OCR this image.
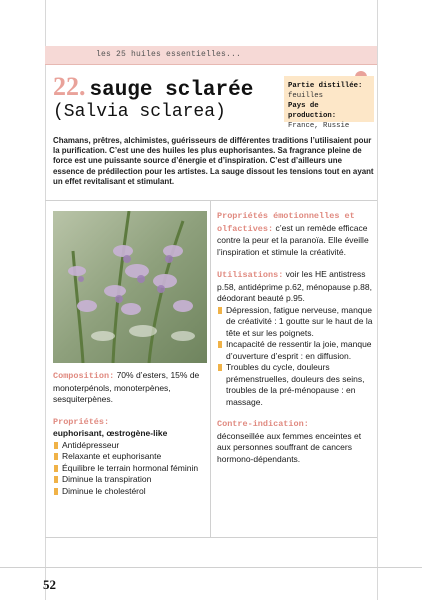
les 25 huiles essentielles...
22. sauge sclarée
(Salvia sclarea)
Partie distillée:
feuilles
Pays de production:
France, Russie
Chamans, prêtres, alchimistes, guérisseurs de différentes traditions l’utilisaient pour la purification. C’est une des huiles les plus euphorisantes. Sa fragrance pleine de force est une puissante source d’énergie et d’inspiration. C’est d’ailleurs une essence de prédilection pour les artistes. La sauge dissout les tensions tout en ayant un effet revitalisant et stimulant.
Composition: 70% d’esters, 15% de monoterpénols, monoterpènes, sesquiterpènes.
Propriétés:
euphorisant, œstrogène-like
Antidépresseur
Relaxante et euphorisante
Équilibre le terrain hormonal féminin
Diminue la transpiration
Diminue le cholestérol
Propriétés émotionnelles et olfactives: c’est un remède efficace contre la peur et la paranoïa. Elle éveille l’inspiration et stimule la créativité.
Utilisations: voir les HE antistress p.58, antidéprime p.62, ménopause p.88, déodorant beauté p.95.
Dépression, fatigue nerveuse, manque de créativité : 1 goutte sur le haut de la tête et sur les poignets.
Incapacité de ressentir la joie, manque d’ouverture d’esprit : en diffusion.
Troubles du cycle, douleurs prémenstruelles, douleurs des seins, troubles de la pré-ménopause : en massage.
Contre-indication:
déconseillée aux femmes enceintes et aux personnes souffrant de cancers hormono-dépendants.
52
